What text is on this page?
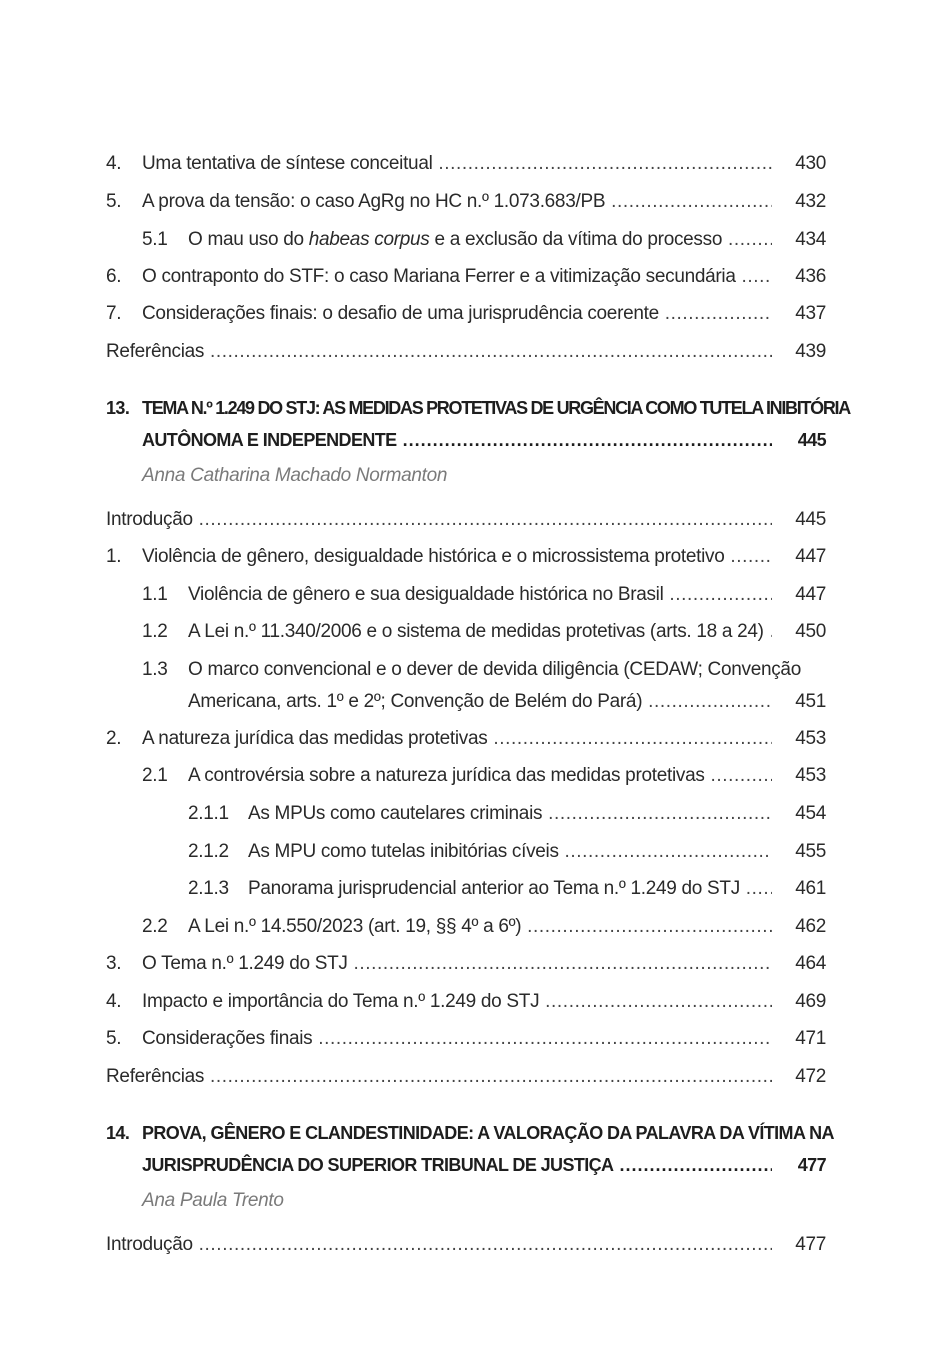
4. Uma tentativa de síntese conceitual .....	430
5. A prova da tensão: o caso AgRg no HC n.º 1.073.683/PB .....	432
5.1 O mau uso do habeas corpus e a exclusão da vítima do processo .....	434
6. O contraponto do STF: o caso Mariana Ferrer e a vitimização secundária .....	436
7. Considerações finais: o desafio de uma jurisprudência coerente .....	437
Referências .....	439
13. TEMA N.º 1.249 DO STJ: AS MEDIDAS PROTETIVAS DE URGÊNCIA COMO TUTELA INIBITÓRIA
AUTÔNOMA E INDEPENDENTE .....	445
Anna Catharina Machado Normanton
Introdução .....	445
1. Violência de gênero, desigualdade histórica e o microssistema protetivo .....	447
1.1 Violência de gênero e sua desigualdade histórica no Brasil .....	447
1.2 A Lei n.º 11.340/2006 e o sistema de medidas protetivas (arts. 18 a 24) .....	450
1.3 O marco convencional e o dever de devida diligência (CEDAW; Convenção
Americana, arts. 1º e 2º; Convenção de Belém do Pará) .....	451
2. A natureza jurídica das medidas protetivas .....	453
2.1 A controvérsia sobre a natureza jurídica das medidas protetivas .....	453
2.1.1 As MPUs como cautelares criminais .....	454
2.1.2 As MPU como tutelas inibitórias cíveis .....	455
2.1.3 Panorama jurisprudencial anterior ao Tema n.º 1.249 do STJ .....	461
2.2 A Lei n.º 14.550/2023 (art. 19, §§ 4º a 6º) .....	462
3. O Tema n.º 1.249 do STJ .....	464
4. Impacto e importância do Tema n.º 1.249 do STJ .....	469
5. Considerações finais .....	471
Referências .....	472
14. PROVA, GÊNERO E CLANDESTINIDADE: A VALORAÇÃO DA PALAVRA DA VÍTIMA NA
JURISPRUDÊNCIA DO SUPERIOR TRIBUNAL DE JUSTIÇA .....	477
Ana Paula Trento
Introdução .....	477
